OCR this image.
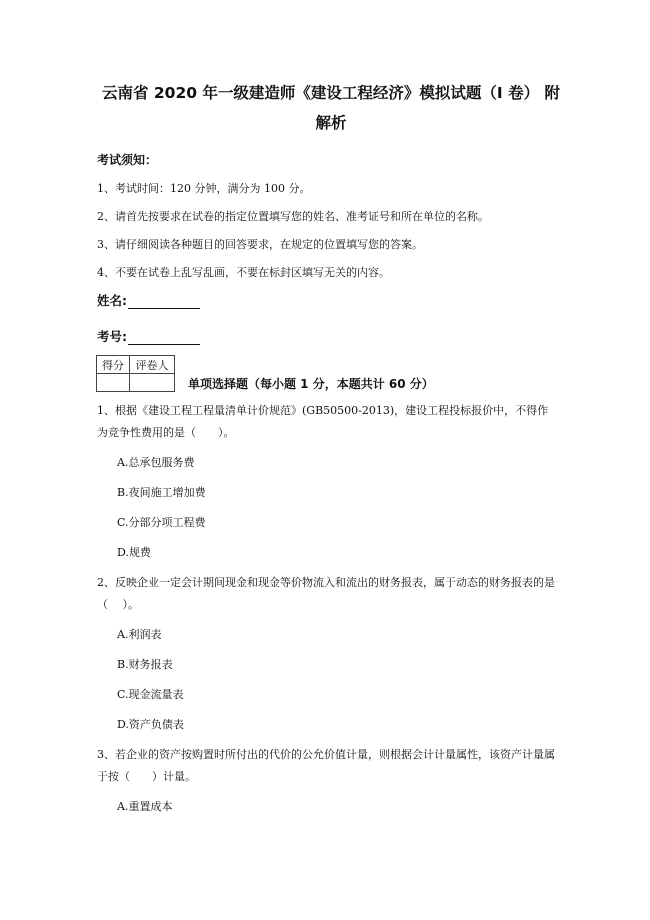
云南省 2020 年一级建造师《建设工程经济》模拟试题（I 卷） 附解析
考试须知：
1、考试时间：120 分钟，满分为 100 分。
2、请首先按要求在试卷的指定位置填写您的姓名、准考证号和所在单位的名称。
3、请仔细阅读各种题目的回答要求，在规定的位置填写您的答案。
4、不要在试卷上乱写乱画，不要在标封区填写无关的内容。
姓名:
考号:
得分	评卷人

单项选择题（每小题 1 分，本题共计 60 分）
1、根据《建设工程工程量清单计价规范》(GB50500-2013)，建设工程投标报价中，不得作为竞争性费用的是（　　）。
A.总承包服务费
B.夜间施工增加费
C.分部分项工程费
D.规费
2、反映企业一定会计期间现金和现金等价物流入和流出的财务报表，属于动态的财务报表的是（　 ）。
A.利润表
B.财务报表
C.现金流量表
D.资产负债表
3、若企业的资产按购置时所付出的代价的公允价值计量，则根据会计计量属性，该资产计量属于按（　　）计量。
A.重置成本
